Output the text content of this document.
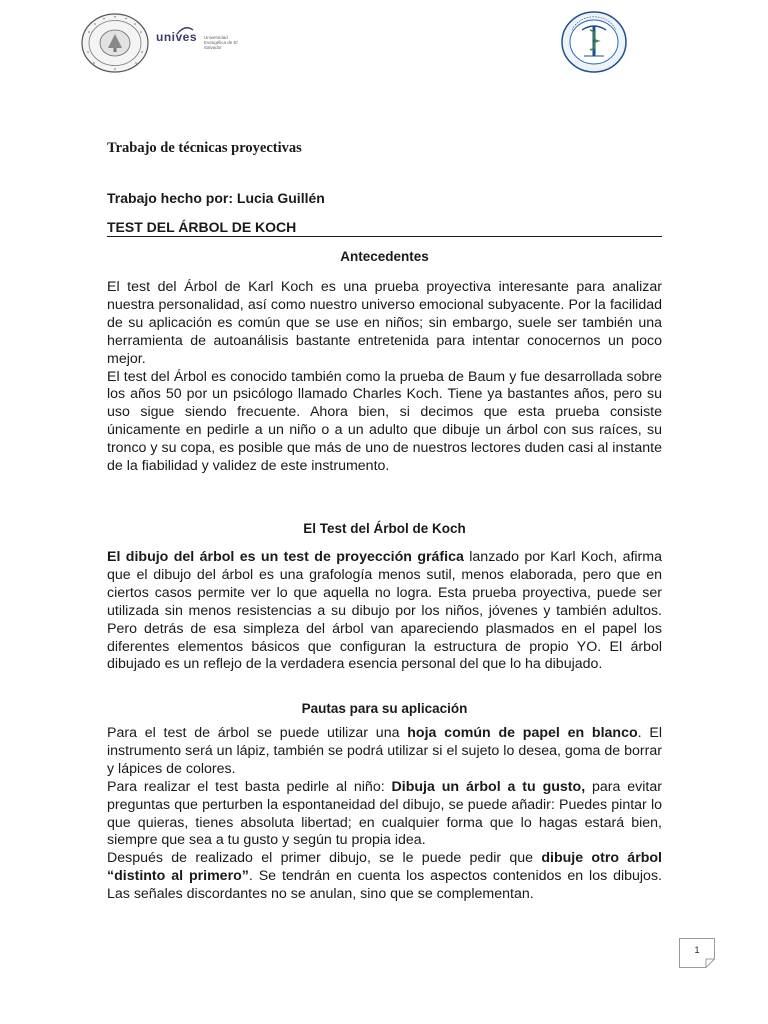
unives Universidad Evangélica de El Salvador
Trabajo de técnicas proyectivas
Trabajo hecho por: Lucia Guillén
TEST DEL ÁRBOL DE KOCH
Antecedentes

El test del Árbol de Karl Koch es una prueba proyectiva interesante para analizar nuestra personalidad, así como nuestro universo emocional subyacente. Por la facilidad de su aplicación es común que se use en niños; sin embargo, suele ser también una herramienta de autoanálisis bastante entretenida para intentar conocernos un poco mejor.

El test del Árbol es conocido también como la prueba de Baum y fue desarrollada sobre los años 50 por un psicólogo llamado Charles Koch. Tiene ya bastantes años, pero su uso sigue siendo frecuente. Ahora bien, si decimos que esta prueba consiste únicamente en pedirle a un niño o a un adulto que dibuje un árbol con sus raíces, su tronco y su copa, es posible que más de uno de nuestros lectores duden casi al instante de la fiabilidad y validez de este instrumento.

El Test del Árbol de Koch

El dibujo del árbol es un test de proyección gráfica lanzado por Karl Koch, afirma que el dibujo del árbol es una grafología menos sutil, menos elaborada, pero que en ciertos casos permite ver lo que aquella no logra. Esta prueba proyectiva, puede ser utilizada sin menos resistencias a su dibujo por los niños, jóvenes y también adultos. Pero detrás de esa simpleza del árbol van apareciendo plasmados en el papel los diferentes elementos básicos que configuran la estructura de propio YO. El árbol dibujado es un reflejo de la verdadera esencia personal del que lo ha dibujado.

Pautas para su aplicación

Para el test de árbol se puede utilizar una hoja común de papel en blanco. El instrumento será un lápiz, también se podrá utilizar si el sujeto lo desea, goma de borrar y lápices de colores.

Para realizar el test basta pedirle al niño: Dibuja un árbol a tu gusto, para evitar preguntas que perturben la espontaneidad del dibujo, se puede añadir: Puedes pintar lo que quieras, tienes absoluta libertad; en cualquier forma que lo hagas estará bien, siempre que sea a tu gusto y según tu propia idea.

Después de realizado el primer dibujo, se le puede pedir que dibuje otro árbol “distinto al primero”. Se tendrán en cuenta los aspectos contenidos en los dibujos. Las señales discordantes no se anulan, sino que se complementan.

1
